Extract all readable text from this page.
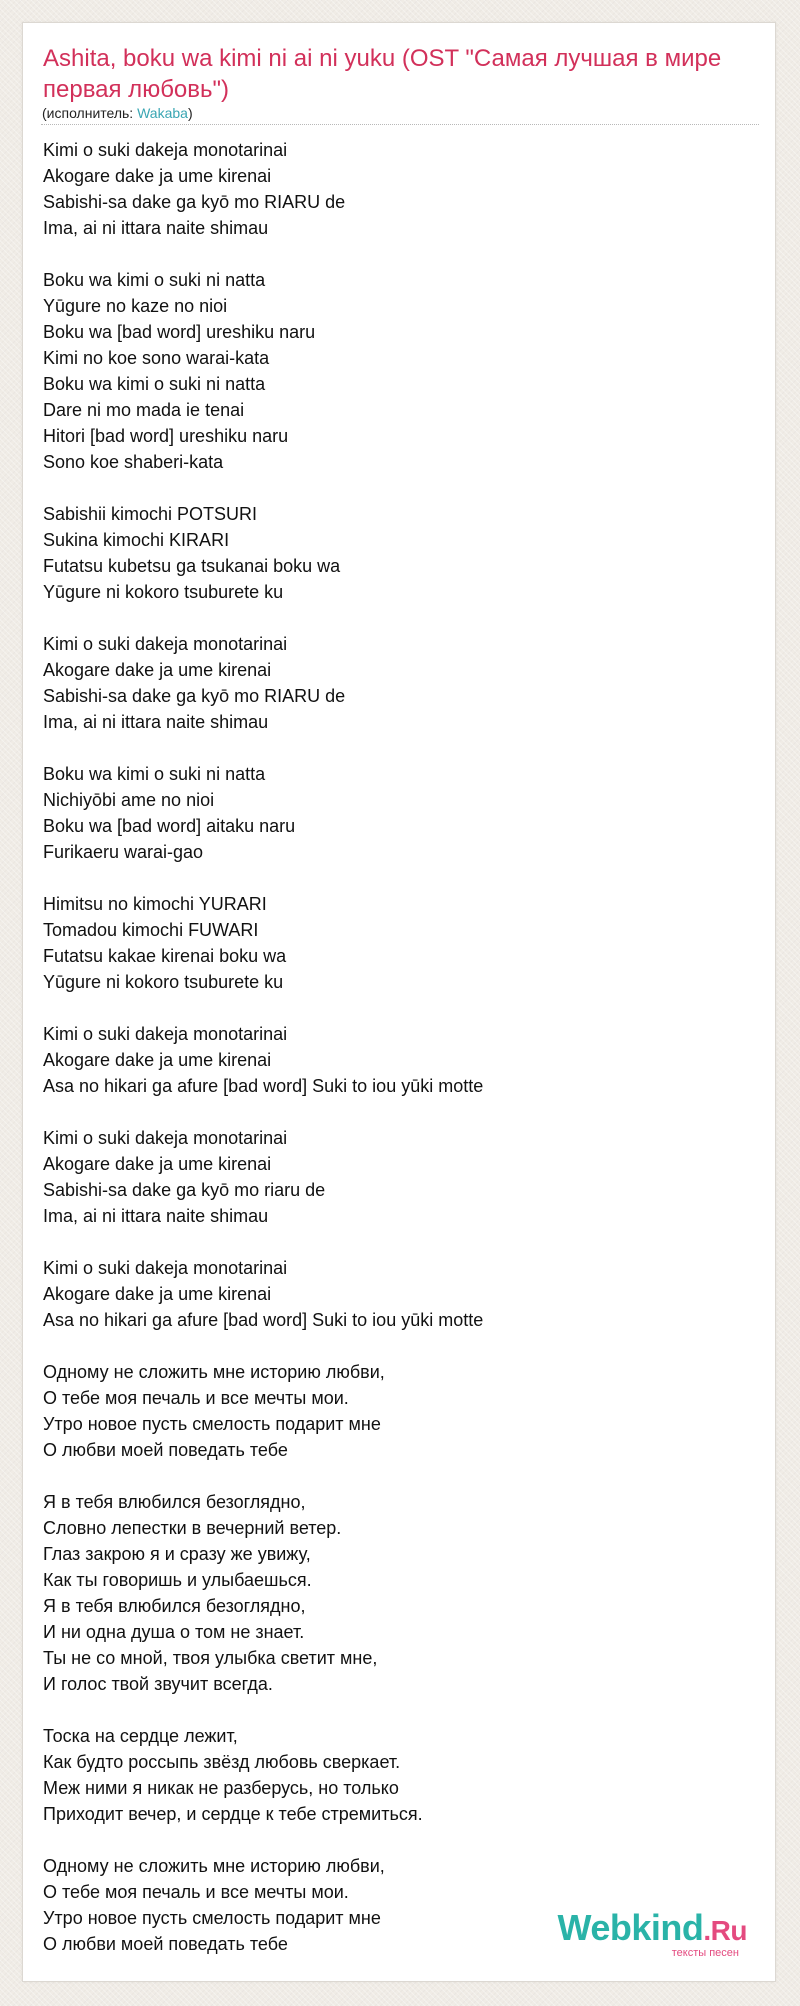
Ashita, boku wa kimi ni ai ni yuku (OST "Самая лучшая в мире первая любовь")
(исполнитель: Wakaba)
Kimi o suki dakeja monotarinai
Akogare dake ja ume kirenai
Sabishi-sa dake ga kyō mo RIARU de
Ima, ai ni ittara naite shimau
Boku wa kimi o suki ni natta
Yūgure no kaze no nioi
Boku wa [bad word] ureshiku naru
Kimi no koe sono warai-kata
Boku wa kimi o suki ni natta
Dare ni mo mada ie tenai
Hitori [bad word] ureshiku naru
Sono koe shaberi-kata
Sabishii kimochi POTSURI
Sukina kimochi KIRARI
Futatsu kubetsu ga tsukanai boku wa
Yūgure ni kokoro tsuburete ku
Kimi o suki dakeja monotarinai
Akogare dake ja ume kirenai
Sabishi-sa dake ga kyō mo RIARU de
Ima, ai ni ittara naite shimau
Boku wa kimi o suki ni natta
Nichiyōbi ame no nioi
Boku wa [bad word] aitaku naru
Furikaeru warai-gao
Himitsu no kimochi YURARI
Tomadou kimochi FUWARI
Futatsu kakae kirenai boku wa
Yūgure ni kokoro tsuburete ku
Kimi o suki dakeja monotarinai
Akogare dake ja ume kirenai
Asa no hikari ga afure [bad word] Suki to iou yūki motte
Kimi o suki dakeja monotarinai
Akogare dake ja ume kirenai
Sabishi-sa dake ga kyō mo riaru de
Ima, ai ni ittara naite shimau
Kimi o suki dakeja monotarinai
Akogare dake ja ume kirenai
Asa no hikari ga afure [bad word] Suki to iou yūki motte
Одному не сложить мне историю любви,
О тебе моя печаль и все мечты мои.
Утро новое пусть смелость подарит мне
О любви моей поведать тебе
Я в тебя влюбился безоглядно,
Словно лепестки в вечерний ветер.
Глаз закрою я и сразу же увижу,
Как ты говоришь и улыбаешься.
Я в тебя влюбился безоглядно,
И ни одна душа о том не знает.
Ты не со мной, твоя улыбка светит мне,
И голос твой звучит всегда.
Тоска на сердце лежит,
Как будто россыпь звёзд любовь сверкает.
Меж ними я никак не разберусь, но только
Приходит вечер, и сердце к тебе стремиться.
Одному не сложить мне историю любви,
О тебе моя печаль и все мечты мои.
Утро новое пусть смелость подарит мне
О любви моей поведать тебе	Webkind.Ru
тексты песен
